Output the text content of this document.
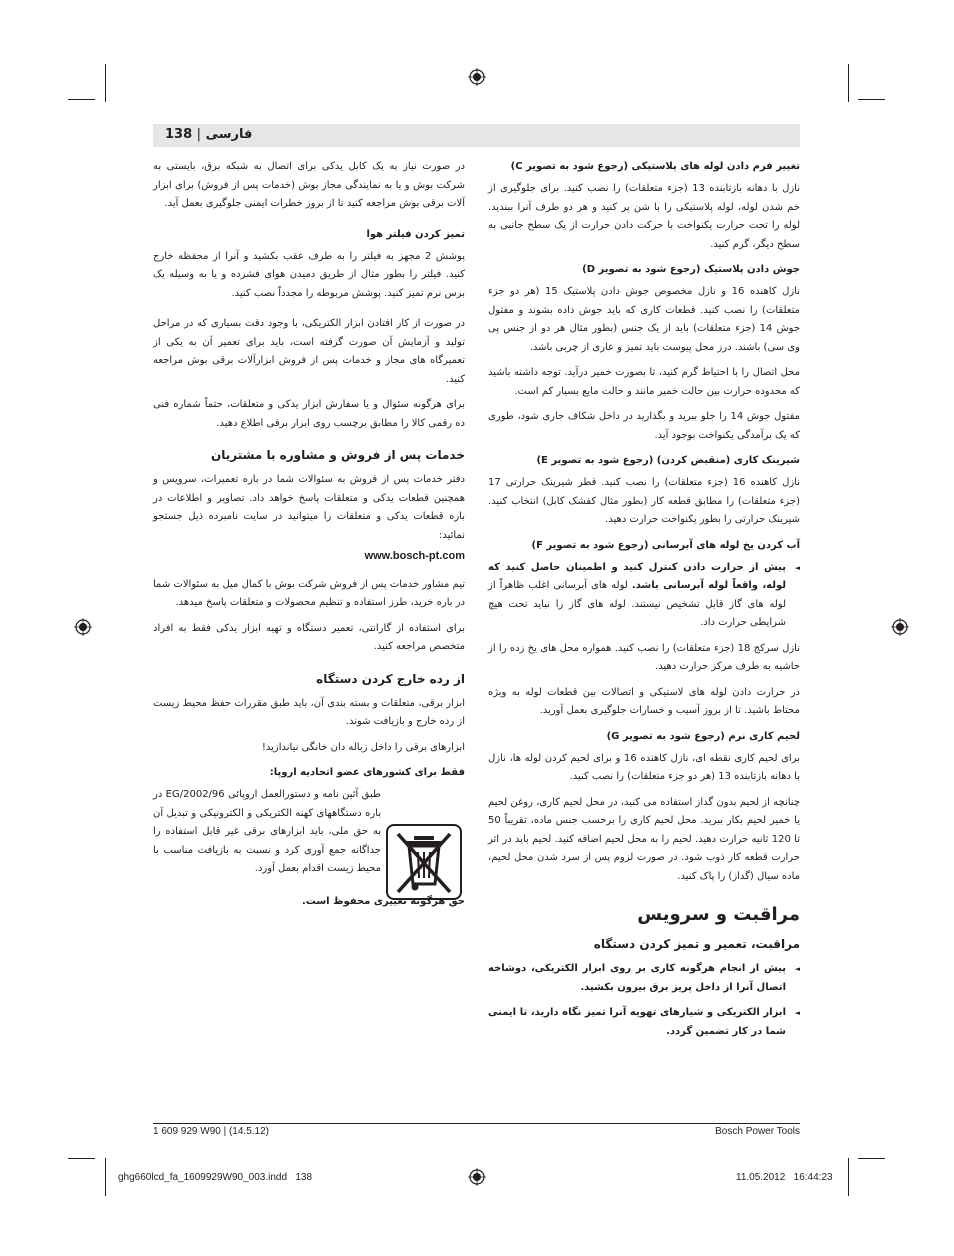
138 | فارسی
تغییر فرم دادن لوله های پلاستیکی (رجوع شود به تصویر C)

نازل با دهانه بازتابنده 13 (جزء متعلقات) را نصب کنید. برای جلوگیری از خم شدن لوله، لوله پلاستیکی را با شن پر کنید و هر دو طرف آنرا ببندید. لوله را تحت حرارت یکنواخت با حرکت دادن حرارت از یک سطح جانبی به سطح دیگر، گرم کنید.

جوش دادن پلاستیک (رجوع شود به تصویر D)

نازل کاهنده 16 و نازل مخصوص جوش دادن پلاستیک 15 (هر دو جزء متعلقات) را نصب کنید. قطعات کاری که باید جوش داده بشوند و مفتول جوش 14 (جزء متعلقات) باید از یک جنس (بطور مثال هر دو از جنس پی وی سی) باشند. درز محل پیوست باید تمیز و عاری از چربی باشد.

محل اتصال را با احتیاط گرم کنید، تا بصورت خمیر درآید. توجه داشته باشید که محدوده حرارت بین حالت خمیر مانند و حالت مایع بسیار کم است.

مفتول جوش 14 را جلو ببرید و بگذارید در داخل شکاف جاری شود، طوری که یک برآمدگی یکنواخت بوجود آید.

شیرینک کاری (منقبض کردن) (رجوع شود به تصویر E)

نازل کاهنده 16 (جزء متعلقات) را نصب کنید. قطر شیرینک حرارتی 17 (جزء متعلقات) را مطابق قطعه کار (بطور مثال کفشک کابل) انتخاب کنید. شیرینک حرارتی را بطور یکنواخت حرارت دهید.

آب کردن یخ لوله های آبرسانی (رجوع شود به تصویر F)

◄ پیش از حرارت دادن کنترل کنید و اطمینان حاصل کنید که لوله، واقعاً لوله آبرسانی باشد. لوله های آبرسانی اغلب ظاهراً از لوله های گاز قابل تشخیص نیستند. لوله های گاز را نباید تحت هیچ شرایطی حرارت داد.

نازل سرکج 18 (جزء متعلقات) را نصب کنید. همواره محل های یخ زده را از حاشیه به طرف مرکز حرارت دهید.

در حرارت دادن لوله های لاستیکی و اتصالات بین قطعات لوله به ویژه محتاط باشید. تا از بروز آسیب و خسارات جلوگیری بعمل آورید.

لحیم کاری نرم (رجوع شود به تصویر G)

برای لحیم کاری نقطه ای، نازل کاهنده 16 و برای لحیم کردن لوله ها، نازل با دهانه بازتابنده 13 (هر دو جزء متعلقات) را نصب کنید.

چنانچه از لحیم بدون گداز استفاده می کنید، در محل لحیم کاری، روغن لحیم یا خمیر لحیم بکار ببرید. محل لحیم کاری را برحسب جنس ماده، تقریباً 50 تا 120 ثانیه حرارت دهید. لحیم را به محل لحیم اضافه کنید. لحیم باید در اثر حرارت قطعه کار ذوب شود. در صورت لزوم پس از سرد شدن محل لحیم، ماده سیال (گداز) را پاک کنید.

مراقبت و سرویس
مراقبت، تعمیر و تمیز کردن دستگاه

◄ پیش از انجام هرگونه کاری بر روی ابزار الکتریکی، دوشاخه اتصال آنرا از داخل پریز برق بیرون بکشید.

◄ ابزار الکتریکی و شیارهای تهویه آنرا تمیز نگاه دارید، تا ایمنی شما در کار تضمین گردد.

در صورت نیاز به یک کابل یدکی برای اتصال به شبکه برق، بایستی به شرکت بوش و یا به نمایندگی مجاز بوش (خدمات پس از فروش) برای ابزار آلات برقی بوش مراجعه کنید تا از بروز خطرات ایمنی جلوگیری بعمل آید.

تمیز کردن فیلتر هوا

پوشش 2 مجهز به فیلتر را به طرف عقب بکشید و آنرا از محفظه خارج کنید. فیلتر را بطور مثال از طریق دمیدن هوای فشرده و یا به وسیله یک برس نرم تمیز کنید. پوشش مربوطه را مجدداً نصب کنید.

در صورت از کار افتادن ابزار الکتریکی، با وجود دقت بسیاری که در مراحل تولید و آزمایش آن صورت گرفته است، باید برای تعمیر آن به یکی از تعمیرگاه های مجاز و خدمات پس از فروش ابزارآلات برقی بوش مراجعه کنید.

برای هرگونه سئوال و یا سفارش ابزار یدکی و متعلقات، حتماً شماره فنی ده رقمی کالا را مطابق برچسب روی ابزار برقی اطلاع دهید.

خدمات پس از فروش و مشاوره با مشتریان

دفتر خدمات پس از فروش به سئوالات شما در باره تعمیرات، سرویس و همچنین قطعات یدکی و متعلقات پاسخ خواهد داد. تصاویر و اطلاعات در باره قطعات یدکی و متعلقات را میتوانید در سایت نامبرده ذیل جستجو نمائید:

www.bosch-pt.com

تیم مشاور خدمات پس از فروش شرکت بوش با کمال میل به سئوالات شما در باره خرید، طرز استفاده و تنظیم محصولات و متعلقات پاسخ میدهد.

برای استفاده از گارانتی، تعمیر دستگاه و تهیه ابزار یدکی فقط به افراد متخصص مراجعه کنید.

از رده خارج کردن دستگاه

ابزار برقی، متعلقات و بسته بندی آن، باید طبق مقررات حفظ محیط زیست از رده خارج و بازیافت شوند.

ابزارهای برقی را داخل زباله دان خانگی نیاندازید!

فقط برای کشورهای عضو اتحادیه اروپا:

طبق آئین نامه و دستورالعمل اروپائی 2002/96/EG در باره دستگاههای کهنه الکتریکی و الکترونیکی و تبدیل آن به حق ملی، باید ابزارهای برقی غیر قابل استفاده را جداگانه جمع آوری کرد و نسبت به بازیافت مناسب با محیط زیست اقدام بعمل آورد.

حق هرگونه تغییری محفوظ است.

1 609 929 W90 | (14.5.12)	Bosch Power Tools
ghg660lcd_fa_1609929W90_003.indd   138	11.05.2012   16:44:23
